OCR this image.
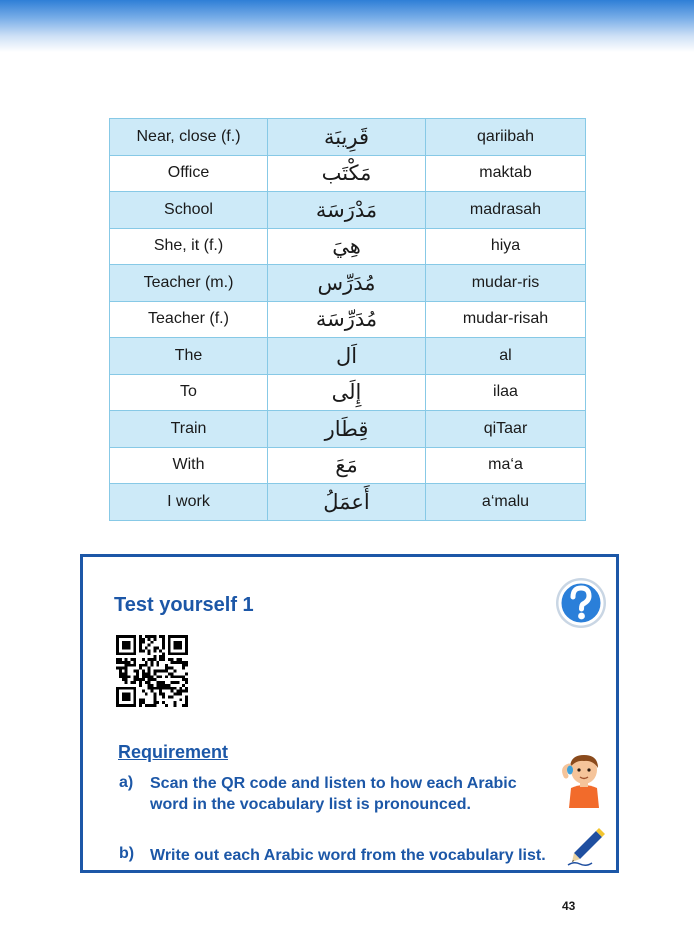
Near, close (f.)	قَرِيبَة	qariibah
Office	مَكْتَب	maktab
School	مَدْرَسَة	madrasah
She, it (f.)	هِيَ	hiya
Teacher (m.)	مُدَرِّس	mudar-ris
Teacher (f.)	مُدَرِّسَة	mudar-risah
The	اَل	al
To	إِلَى	ilaa
Train	قِطَار	qiTaar
With	مَعَ	ma‘a
I work	أَعمَلُ	a‘malu
Test yourself 1
Requirement
a) Scan the QR code and listen to how each Arabic word in the vocabulary list is pronounced.
b) Write out each Arabic word from the vocabulary list.
43
